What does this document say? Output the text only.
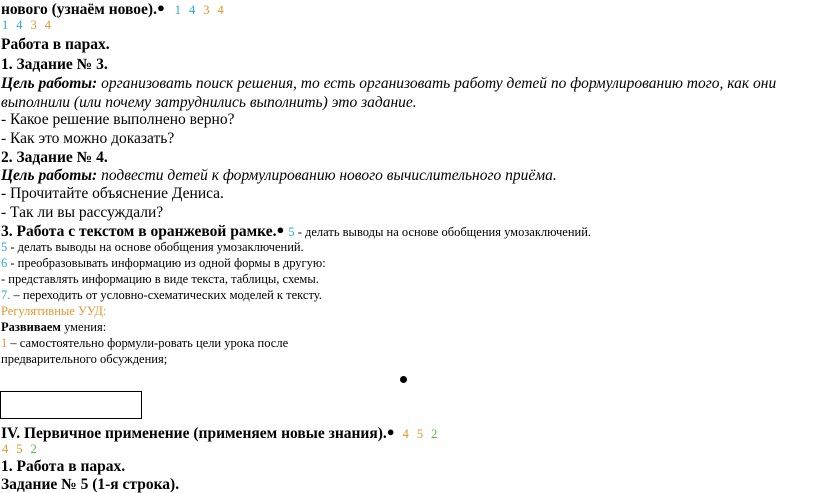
нового (узнаём новое).● 1 4 3 4
1 4 3 4
Работа в парах.
1. Задание № 3.
Цель работы: организовать поиск решения, то есть организовать работу детей по формулированию того, как они выполнили (или почему затруднились выполнить) это задание.
- Какое решение выполнено верно?
- Как это можно доказать?
2. Задание № 4.
Цель работы: подвести детей к формулированию нового вычислительного приёма.
- Прочитайте объяснение Дениса.
- Так ли вы рассуждали?
3. Работа с текстом в оранжевой рамке.● 5 - делать выводы на основе обобщения умозаключений.
5 - делать выводы на основе обобщения умозаключений.
6 - преобразовывать информацию из одной формы в другую:
- представлять информацию в виде текста, таблицы, схемы.
7. – переходить от условно-схематических моделей к тексту.
Регулятивные УУД:
Развиваем умения:
1 – самостоятельно формули-ровать цели урока после
предварительного обсуждения;
IV. Первичное применение (применяем новые знания).● 4 5 2
4 5 2
1. Работа в парах.
Задание № 5 (1-я строка).
